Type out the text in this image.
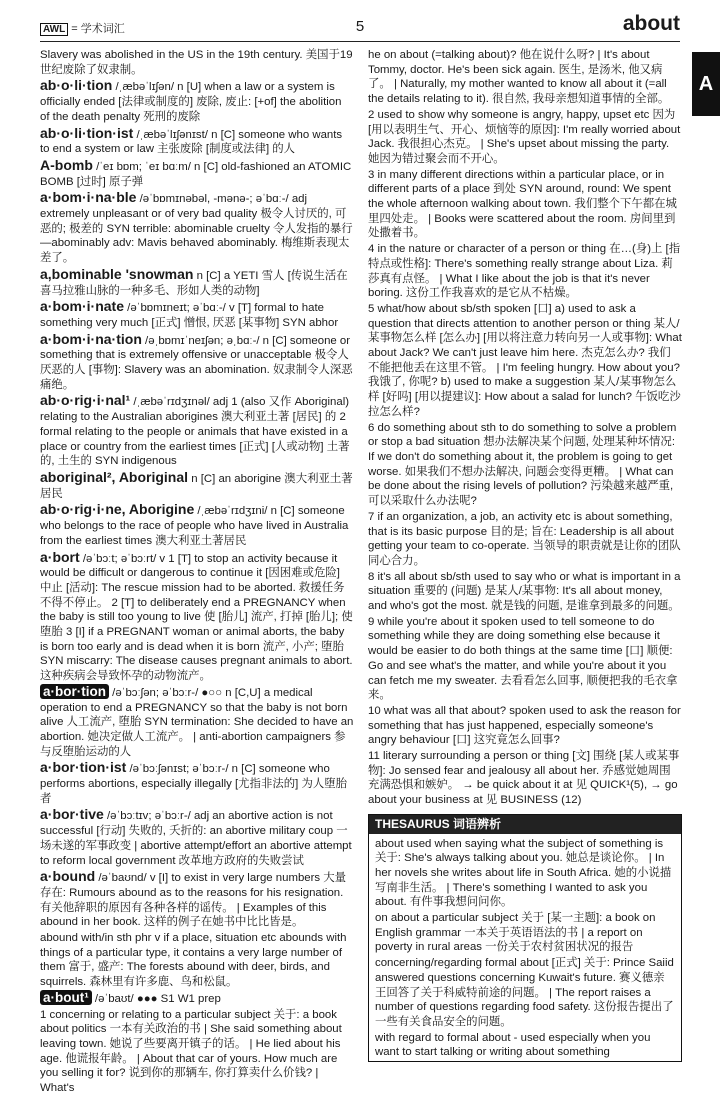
AWL = 学术词汇	5	about
A

Slavery was abolished in the US in the 19th century. 美国于19世纪废除了奴隶制。

ab·o·li·tion /ˌæbəˈlɪʃən/ n [U] when a law or a system is officially ended [法律或制度的] 废除, 废止: [+of] the abolition of the death penalty 死刑的废除

ab·o·li·tion·ist /ˌæbəˈlɪʃənɪst/ n [C] someone who wants to end a system or law 主张废除 [制度或法律] 的人

A-bomb /ˈeɪ bɒm; ˈeɪ bɑːm/ n [C] old-fashioned an ATOMIC BOMB [过时] 原子弹

a·bom·i·na·ble /əˈbɒmɪnəbəl, -mənə-; əˈbɑː-/ adj extremely unpleasant or of very bad quality 极令人讨厌的, 可恶的; 极差的 SYN terrible: abominable cruelty 令人发指的暴行 —abominably adv: Mavis behaved abominably. 梅维斯表现太差了。

a,bominable 'snowman n [C] a YETI 雪人 [传说生活在喜马拉雅山脉的一种多毛、形如人类的动物]

a·bom·i·nate /əˈbɒmɪneɪt; əˈbɑː-/ v [T] formal to hate something very much [正式] 憎恨, 厌恶 [某事物] SYN abhor

a·bom·i·na·tion /əˌbɒmɪˈneɪʃən; əˌbɑː-/ n [C] someone or something that is extremely offensive or unacceptable 极令人厌恶的人 [事物]: Slavery was an abomination. 奴隶制令人深恶痛绝。

ab·o·rig·i·nal¹ /ˌæbəˈrɪdʒɪnəl/ adj 1 (also 又作 Aboriginal) relating to the Australian aborigines 澳大利亚土著 [居民] 的 2 formal relating to the people or animals that have existed in a place or country from the earliest times [正式] [人或动物] 土著的, 土生的 SYN indigenous

aboriginal², Aboriginal n [C] an aborigine 澳大利亚土著居民

ab·o·rig·i·ne, Aborigine /ˌæbəˈrɪdʒɪni/ n [C] someone who belongs to the race of people who have lived in Australia from the earliest times 澳大利亚土著居民

a·bort /əˈbɔːt; əˈbɔːrt/ v 1 [T] to stop an activity because it would be difficult or dangerous to continue it [因困难或危险] 中止 [活动]: The rescue mission had to be aborted. 救援任务不得不停止。 2 [T] to deliberately end a PREGNANCY when the baby is still too young to live 使 [胎儿] 流产, 打掉 [胎儿]; 使堕胎 3 [I] if a PREGNANT woman or animal aborts, the baby is born too early and is dead when it is born 流产, 小产; 堕胎 SYN miscarry: The disease causes pregnant animals to abort. 这种疾病会导致怀孕的动物流产。

a·bor·tion /əˈbɔːʃən; əˈbɔːr-/ ●○○ n [C,U] a medical operation to end a PREGNANCY so that the baby is not born alive 人工流产, 堕胎 SYN termination: She decided to have an abortion. 她决定做人工流产。 | anti-abortion campaigners 参与反堕胎运动的人

a·bor·tion·ist /əˈbɔːʃənɪst; əˈbɔːr-/ n [C] someone who performs abortions, especially illegally [尤指非法的] 为人堕胎者

a·bor·tive /əˈbɔːtɪv; əˈbɔːr-/ adj an abortive action is not successful [行动] 失败的, 夭折的: an abortive military coup 一场未遂的军事政变 | abortive attempt/effort an abortive attempt to reform local government 改革地方政府的失败尝试

a·bound /əˈbaʊnd/ v [I] to exist in very large numbers 大量存在: Rumours abound as to the reasons for his resignation. 有关他辞职的原因有各种各样的谣传。 | Examples of this abound in her book. 这样的例子在她书中比比皆是。

abound with/in sth phr v if a place, situation etc abounds with things of a particular type, it contains a very large number of them 富于, 盛产: The forests abound with deer, birds, and squirrels. 森林里有许多鹿、鸟和松鼠。

a·bout¹ /əˈbaʊt/ ●●● S1 W1 prep

1 concerning or relating to a particular subject 关于: a book about politics 一本有关政治的书 | She said something about leaving town. 她说了些要离开镇子的话。 | He lied about his age. 他谎报年龄。 | About that car of yours. How much are you selling it for? 说到你的那辆车, 你打算卖什么价钱? | What's

he on about (=talking about)? 他在说什么呀? | It's about Tommy, doctor. He's been sick again. 医生, 是汤米, 他又病了。 | Naturally, my mother wanted to know all about it (=all the details relating to it). 很自然, 我母亲想知道事情的全部。

2 used to show why someone is angry, happy, upset etc 因为 [用以表明生气、开心、烦恼等的原因]: I'm really worried about Jack. 我很担心杰克。 | She's upset about missing the party. 她因为错过聚会而不开心。

3 in many different directions within a particular place, or in different parts of a place 到处 SYN around, round: We spent the whole afternoon walking about town. 我们整个下午都在城里四处走。 | Books were scattered about the room. 房间里到处撒着书。

4 in the nature or character of a person or thing 在…(身)上 [指特点或性格]: There's something really strange about Liza. 莉莎真有点怪。 | What I like about the job is that it's never boring. 这份工作我喜欢的是它从不枯燥。

5 what/how about sb/sth spoken [口] a) used to ask a question that directs attention to another person or thing 某人/某事物怎么样 [怎么办] [用以将注意力转向另一人或事物]: What about Jack? We can't just leave him here. 杰克怎么办? 我们不能把他丢在这里不管。 | I'm feeling hungry. How about you? 我饿了, 你呢? b) used to make a suggestion 某人/某事物怎么样 [好吗] [用以提建议]: How about a salad for lunch? 午饭吃沙拉怎么样?

6 do something about sth to do something to solve a problem or stop a bad situation 想办法解决某个问题, 处理某种坏情况: If we don't do something about it, the problem is going to get worse. 如果我们不想办法解决, 问题会变得更糟。 | What can be done about the rising levels of pollution? 污染越来越严重, 可以采取什么办法呢?

7 if an organization, a job, an activity etc is about something, that is its basic purpose 目的是; 旨在: Leadership is all about getting your team to co-operate. 当领导的职责就是让你的团队同心合力。

8 it's all about sb/sth used to say who or what is important in a situation 重要的 (问题) 是某人/某事物: It's all about money, and who's got the most. 就是钱的问题, 是谁拿到最多的问题。

9 while you're about it spoken used to tell someone to do something while they are doing something else because it would be easier to do both things at the same time [口] 顺便: Go and see what's the matter, and while you're about it you can fetch me my sweater. 去看看怎么回事, 顺便把我的毛衣拿来。

10 what was all that about? spoken used to ask the reason for something that has just happened, especially someone's angry behaviour [口] 这究竟怎么回事?

11 literary surrounding a person or thing [文] 围绕 [某人或某事物]: Jo sensed fear and jealousy all about her. 乔感觉她周围充满恐惧和嫉妒。 → be quick about it at 见 QUICK¹(5), → go about your business at 见 BUSINESS (12)

THESAURUS 词语辨析

about used when saying what the subject of something is 关于: She's always talking about you. 她总是谈论你。 | In her novels she writes about life in South Africa. 她的小说描写南非生活。 | There's something I wanted to ask you about. 有件事我想问问你。

on about a particular subject 关于 [某一主题]: a book on English grammar 一本关于英语语法的书 | a report on poverty in rural areas 一份关于农村贫困状况的报告

concerning/regarding formal about [正式] 关于: Prince Saiid answered questions concerning Kuwait's future. 赛义德亲王回答了关于科威特前途的问题。 | The report raises a number of questions regarding food safety. 这份报告提出了一些有关食品安全的问题。

with regard to formal about - used especially when you want to start talking or writing about something
